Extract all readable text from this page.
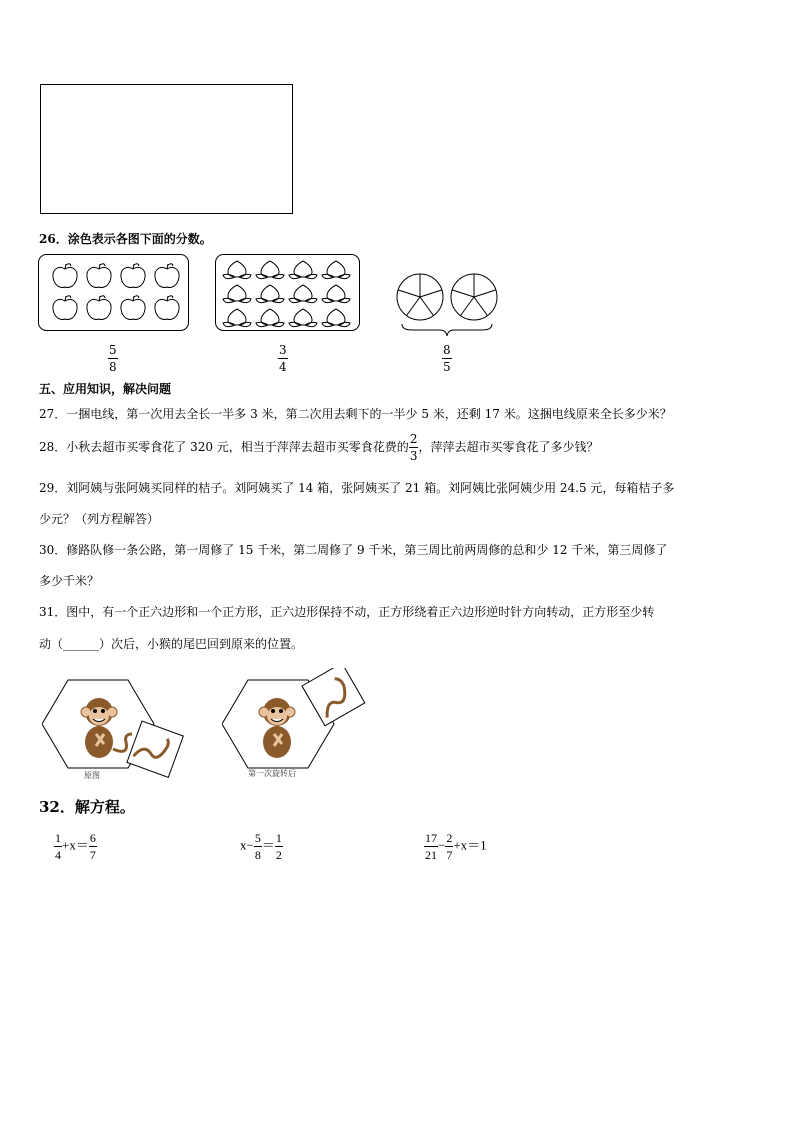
26．涂色表示各图下面的分数。
$\frac{5}{8}$	$\frac{3}{4}$	$\frac{8}{5}$
五、应用知识，解决问题
27．一捆电线，第一次用去全长一半多 3 米，第二次用去剩下的一半少 5 米，还剩 17 米。这捆电线原来全长多少米？
28．小秋去超市买零食花了 320 元，相当于萍萍去超市买零食花费的 $\frac{2}{3}$ ，萍萍去超市买零食花了多少钱？
29．刘阿姨与张阿姨买同样的桔子。刘阿姨买了 14 箱，张阿姨买了 21 箱。刘阿姨比张阿姨少用 24.5 元，每箱桔子多
少元？（列方程解答）
30．修路队修一条公路，第一周修了 15 千米，第二周修了 9 千米，第三周比前两周修的总和少 12 千米，第三周修了
多少千米？
31．图中，有一个正六边形和一个正方形，正六边形保持不动，正方形绕着正六边形逆时针方向转动，正方形至少转
动（______）次后，小猴的尾巴回到原来的位置。
原图	第一次旋转后
32．解方程。
$\frac{1}{4} +x= \frac{6}{7}$	$x- \frac{5}{8} = \frac{1}{2}$	$\frac{17}{21} - \frac{2}{7} +x=1$
